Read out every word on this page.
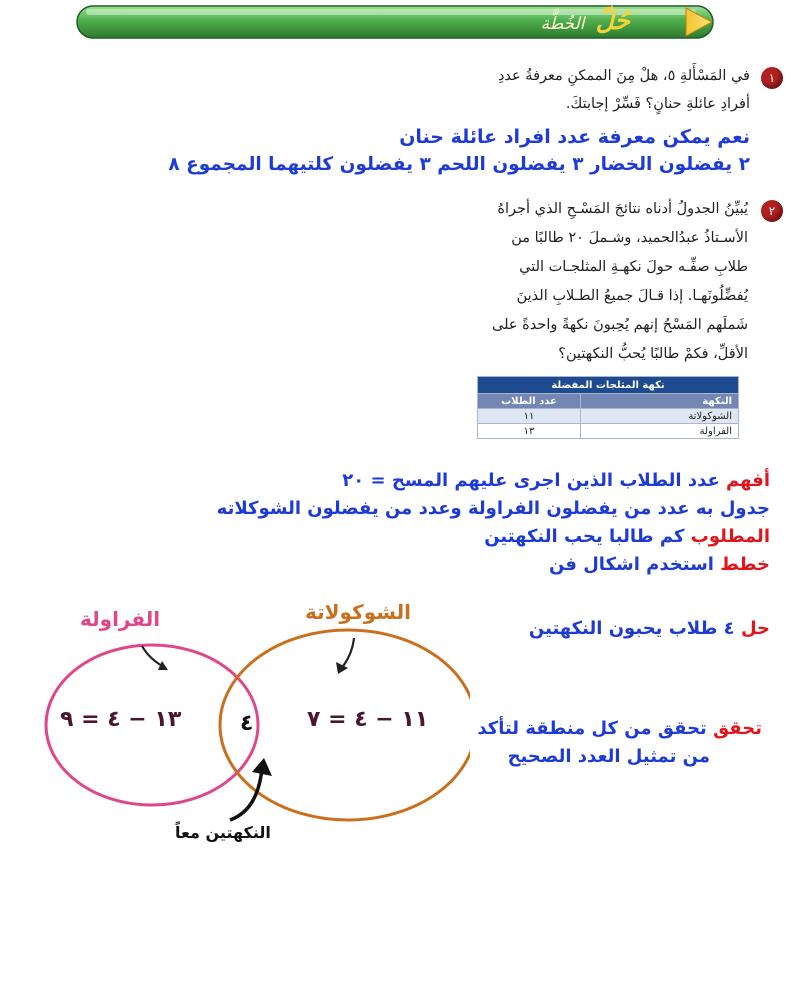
حُلّ الخُطَّة
١
في المَسْأَلةِ ٥، هلْ مِنَ الممكنِ معرفةُ عددِ
أفرادِ عائلةِ حنانٍ؟ فَسِّرْ إجابتكَ.
نعم يمكن معرفة عدد افراد عائلة حنان
٢ يفضلون الخضار ٣ يفضلون اللحم ٣ يفضلون كلتيهما المجموع ٨
٢
يُبيِّنُ الجدولُ أدناه نتائجَ المَسْـحِ الذي أجراهُ
الأسـتاذُ عبدُالحميد، وشـملَ ٢٠ طالبًا من
طلابِ صفِّـه حولَ نكهـةِ المثلجـات التي
يُفضِّلُونَهـا. إذا قـالَ جميعُ الطـلابِ الذينَ
شَملَهم المَسْحُ إنهم يُحِبونَ نكهةً واحدةً على
الأقلِّ، فكمْ طالبًا يُحبُّ النكهتين؟
نكهة المثلجات المفضلة	
النكهة	عدد الطلاب
الشوكولاتة	١١
الفراولة	١٣
أفهم عدد الطلاب الذين اجرى عليهم المسح = ٢٠
جدول به عدد من يفضلون الفراولة وعدد من يفضلون الشوكلاته
المطلوب كم طالبا يحب النكهتين
خطط استخدم اشكال فن
حل ٤ طلاب يحبون النكهتين
تحقق تحقق من كل منطقة لتأكد
من تمثيل العدد الصحيح
الفراولة	الشوكولاتة
١٣ − ٤ = ٩	٤ ١١ − ٤ = ٧
النكهتين معاً
